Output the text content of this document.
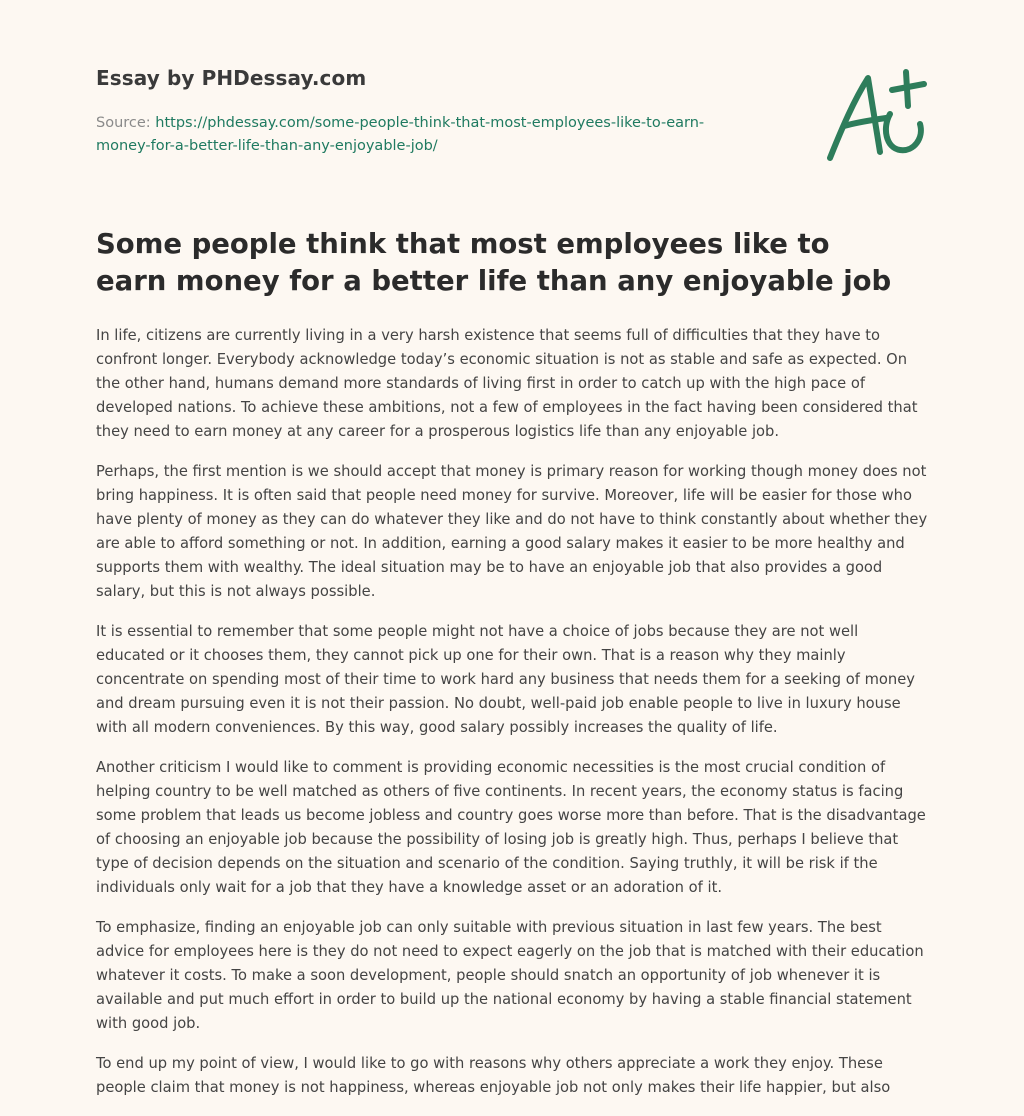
Essay by PHDessay.com
Source: https://phdessay.com/some-people-think-that-most-employees-like-to-earn-
money-for-a-better-life-than-any-enjoyable-job/
Some people think that most employees like to earn money for a better life than any enjoyable job

In life, citizens are currently living in a very harsh existence that seems full of difficulties that they have to confront longer. Everybody acknowledge today’s economic situation is not as stable and safe as expected. On the other hand, humans demand more standards of living first in order to catch up with the high pace of developed nations. To achieve these ambitions, not a few of employees in the fact having been considered that they need to earn money at any career for a prosperous logistics life than any enjoyable job.

Perhaps, the first mention is we should accept that money is primary reason for working though money does not bring happiness. It is often said that people need money for survive. Moreover, life will be easier for those who have plenty of money as they can do whatever they like and do not have to think constantly about whether they are able to afford something or not. In addition, earning a good salary makes it easier to be more healthy and supports them with wealthy. The ideal situation may be to have an enjoyable job that also provides a good salary, but this is not always possible.

It is essential to remember that some people might not have a choice of jobs because they are not well educated or it chooses them, they cannot pick up one for their own. That is a reason why they mainly concentrate on spending most of their time to work hard any business that needs them for a seeking of money and dream pursuing even it is not their passion. No doubt, well-paid job enable people to live in luxury house with all modern conveniences. By this way, good salary possibly increases the quality of life.

Another criticism I would like to comment is providing economic necessities is the most crucial condition of helping country to be well matched as others of five continents. In recent years, the economy status is facing some problem that leads us become jobless and country goes worse more than before. That is the disadvantage of choosing an enjoyable job because the possibility of losing job is greatly high. Thus, perhaps I believe that type of decision depends on the situation and scenario of the condition. Saying truthly, it will be risk if the individuals only wait for a job that they have a knowledge asset or an adoration of it.

To emphasize, finding an enjoyable job can only suitable with previous situation in last few years. The best advice for employees here is they do not need to expect eagerly on the job that is matched with their education whatever it costs. To make a soon development, people should snatch an opportunity of job whenever it is available and put much effort in order to build up the national economy by having a stable financial statement with good job.

To end up my point of view, I would like to go with reasons why others appreciate a work they enjoy. These people claim that money is not happiness, whereas enjoyable job not only makes their life happier, but also
